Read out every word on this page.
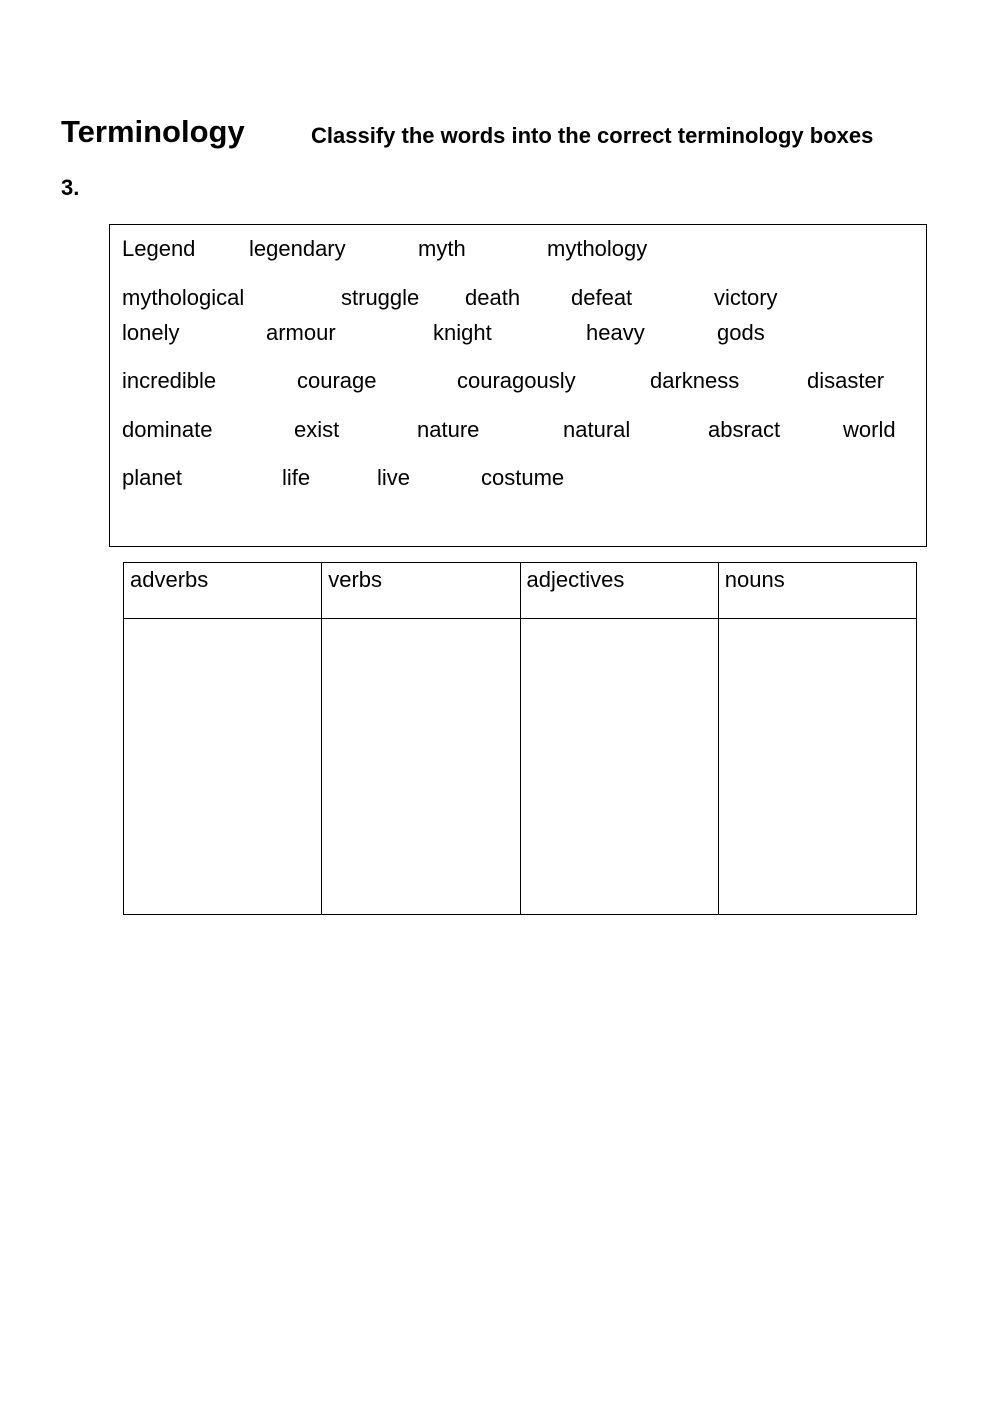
Terminology	Classify the words into the correct terminology boxes
3.
Legend legendary	myth	mythology
mythological	struggle death defeat	victory
lonely	armour	knight	heavy	gods
incredible	courage	couragously	darkness	disaster
dominate	exist	nature	natural	absract	world
planet	life	live	costume
adverbs	verbs	adjectives	nouns
